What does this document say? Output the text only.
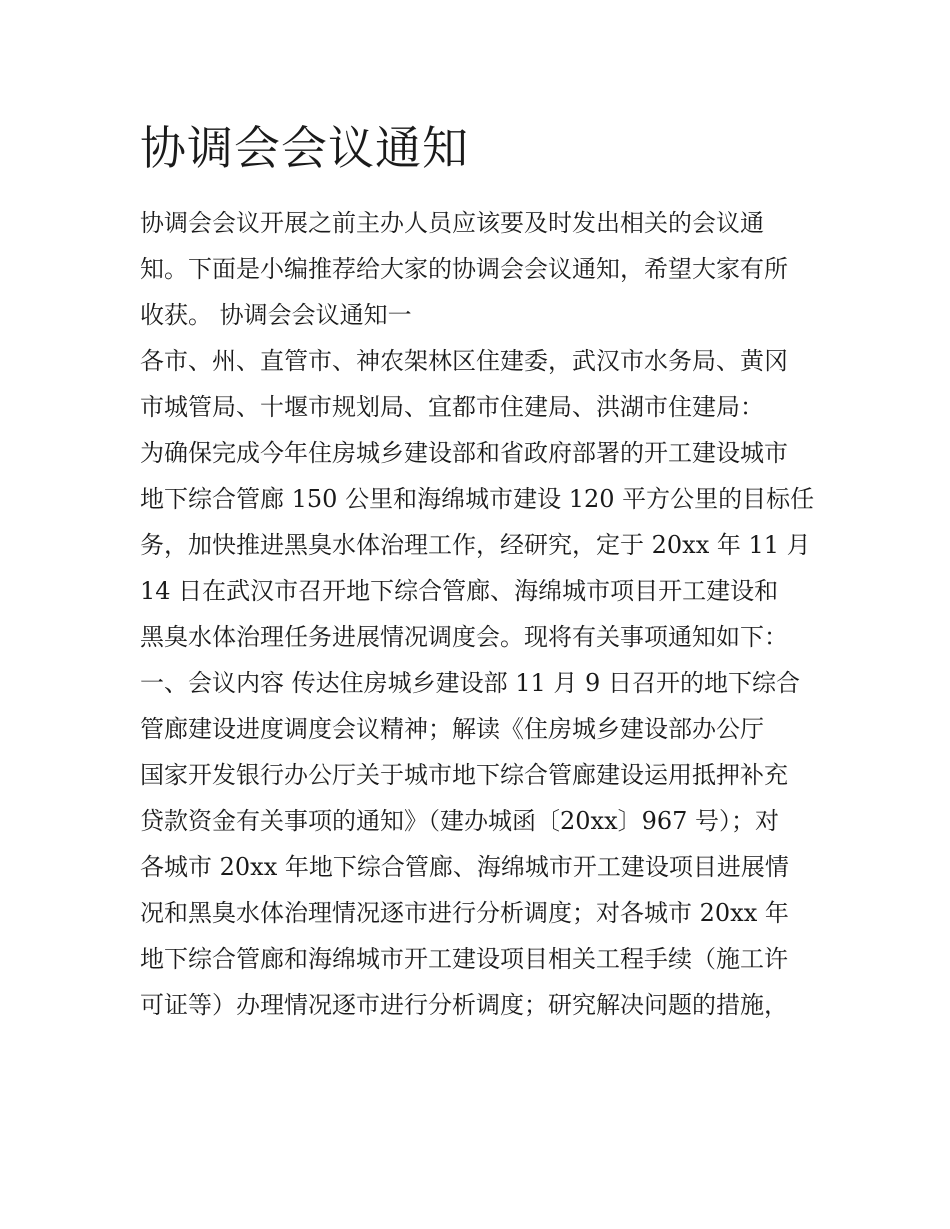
协调会会议通知
协调会会议开展之前主办人员应该要及时发出相关的会议通
知。下面是小编推荐给大家的协调会会议通知，希望大家有所
收获。 协调会会议通知一
各市、州、直管市、神农架林区住建委，武汉市水务局、黄冈
市城管局、十堰市规划局、宜都市住建局、洪湖市住建局：
为确保完成今年住房城乡建设部和省政府部署的开工建设城市
地下综合管廊 150 公里和海绵城市建设 120 平方公里的目标任
务，加快推进黑臭水体治理工作，经研究，定于 20xx 年 11 月
14 日在武汉市召开地下综合管廊、海绵城市项目开工建设和
黑臭水体治理任务进展情况调度会。现将有关事项通知如下：
一、会议内容 传达住房城乡建设部 11 月 9 日召开的地下综合
管廊建设进度调度会议精神；解读《住房城乡建设部办公厅
国家开发银行办公厅关于城市地下综合管廊建设运用抵押补充
贷款资金有关事项的通知》（建办城函〔20xx〕967 号）；对
各城市 20xx 年地下综合管廊、海绵城市开工建设项目进展情
况和黑臭水体治理情况逐市进行分析调度；对各城市 20xx 年
地下综合管廊和海绵城市开工建设项目相关工程手续（施工许
可证等）办理情况逐市进行分析调度；研究解决问题的措施，
